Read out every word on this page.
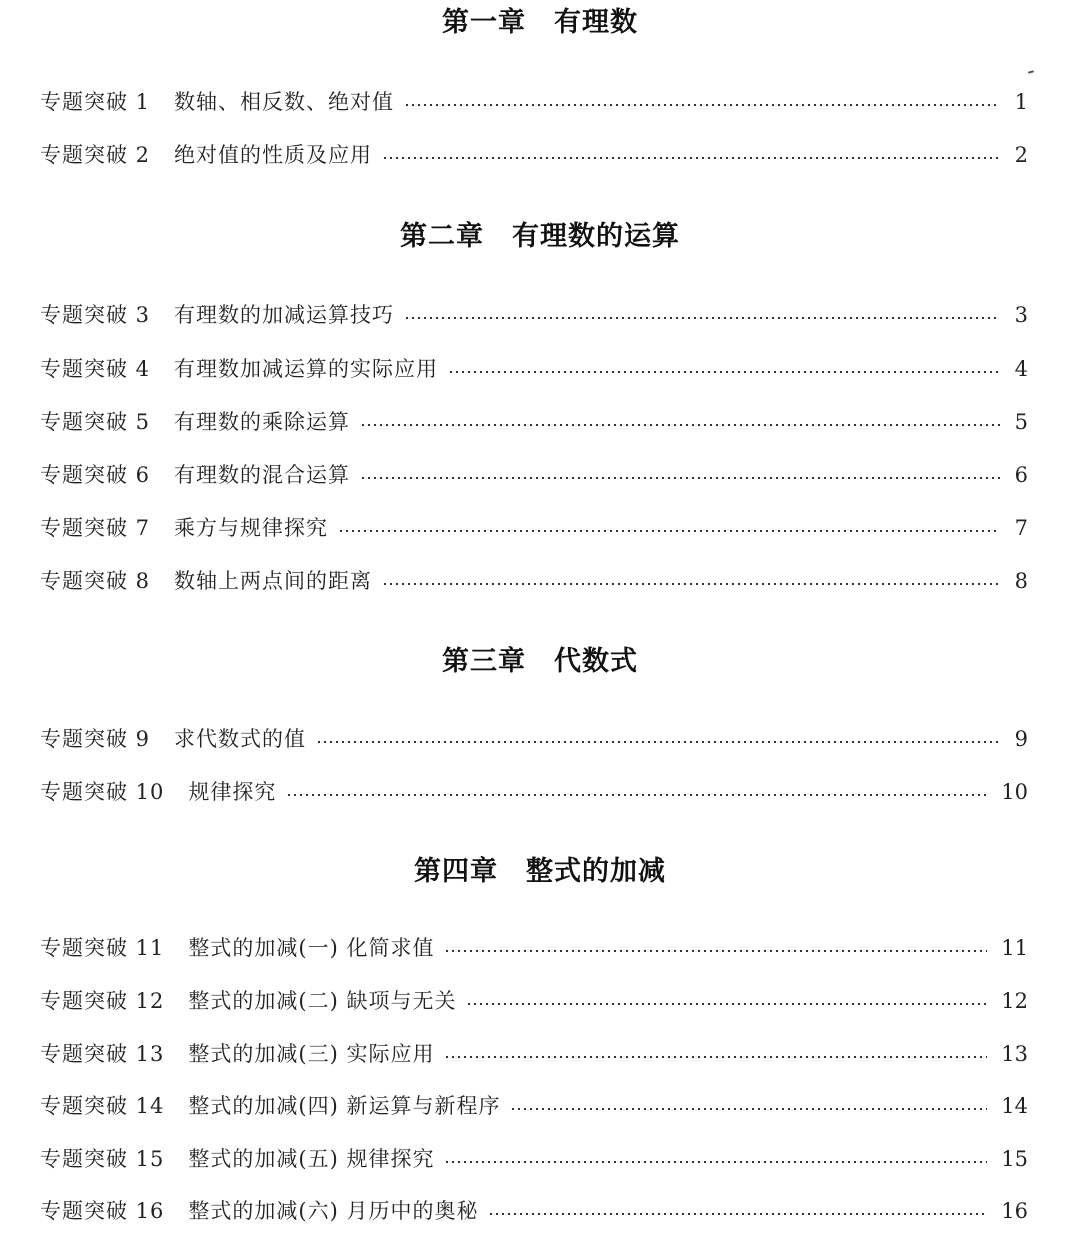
第一章　有理数
专题突破 1 数轴、相反数、绝对值	1
专题突破 2 绝对值的性质及应用	2
第二章　有理数的运算
专题突破 3 有理数的加减运算技巧	3
专题突破 4 有理数加减运算的实际应用	4
专题突破 5 有理数的乘除运算	5
专题突破 6 有理数的混合运算	6
专题突破 7 乘方与规律探究	7
专题突破 8 数轴上两点间的距离	8
第三章　代数式
专题突破 9 求代数式的值	9
专题突破 10 规律探究	10
第四章　整式的加减
专题突破 11 整式的加减(一) 化简求值	11
专题突破 12 整式的加减(二) 缺项与无关	12
专题突破 13 整式的加减(三) 实际应用	13
专题突破 14 整式的加减(四) 新运算与新程序	14
专题突破 15 整式的加减(五) 规律探究	15
专题突破 16 整式的加减(六) 月历中的奥秘	16
